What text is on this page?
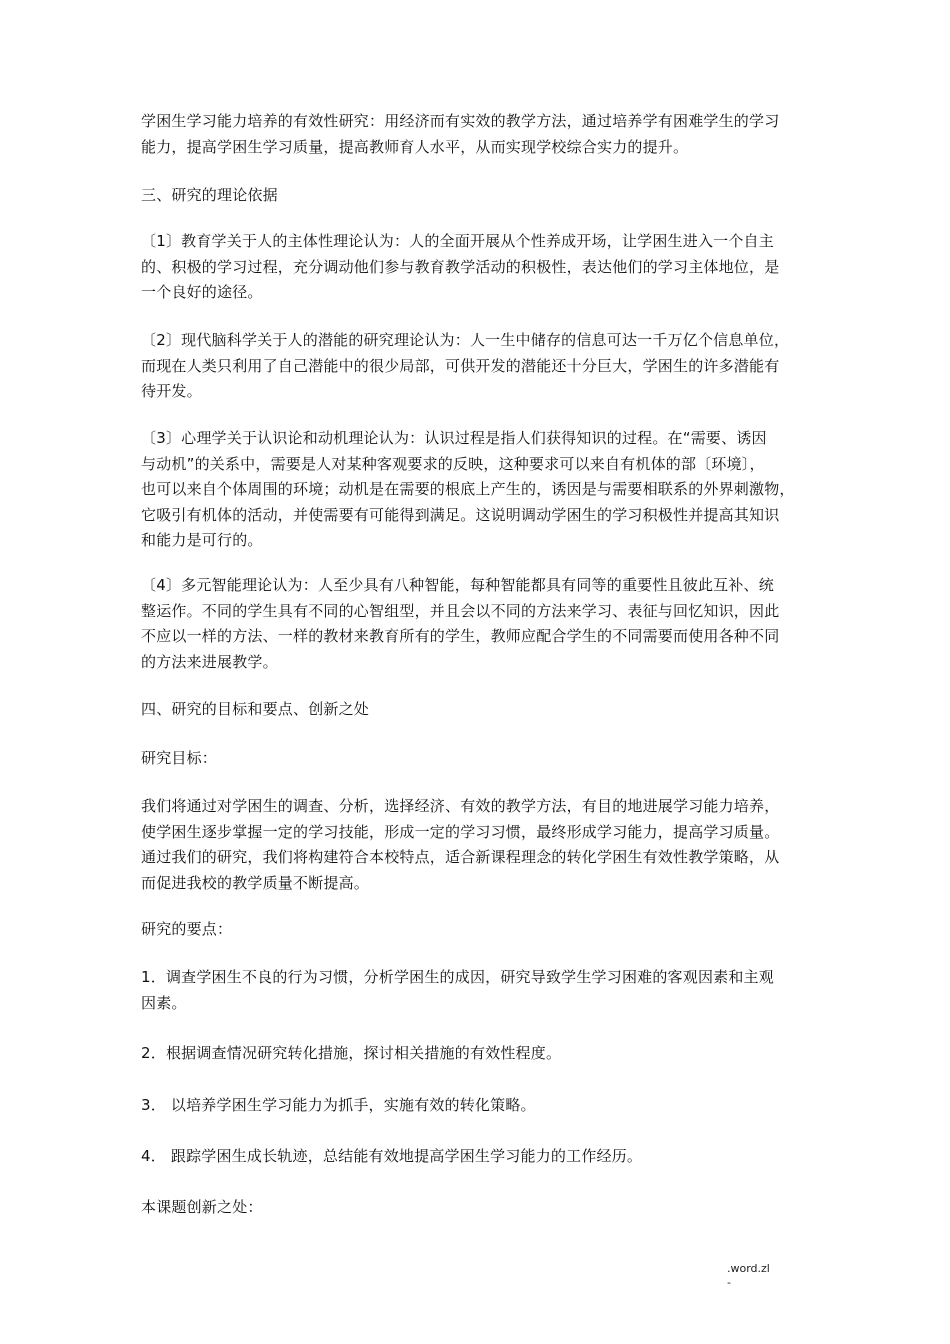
学困生学习能力培养的有效性研究：用经济而有实效的教学方法，通过培养学有困难学生的学习
能力，提高学困生学习质量，提高教师育人水平，从而实现学校综合实力的提升。

三、研究的理论依据

〔1〕教育学关于人的主体性理论认为：人的全面开展从个性养成开场，让学困生进入一个自主
的、积极的学习过程，充分调动他们参与教育教学活动的积极性，表达他们的学习主体地位，是
一个良好的途径。

〔2〕现代脑科学关于人的潜能的研究理论认为：人一生中储存的信息可达一千万亿个信息单位，
而现在人类只利用了自己潜能中的很少局部，可供开发的潜能还十分巨大，学困生的许多潜能有
待开发。

〔3〕心理学关于认识论和动机理论认为：认识过程是指人们获得知识的过程。在“需要、诱因
与动机”的关系中，需要是人对某种客观要求的反映，这种要求可以来自有机体的部〔环境〕，
也可以来自个体周围的环境；动机是在需要的根底上产生的，诱因是与需要相联系的外界刺激物，
它吸引有机体的活动，并使需要有可能得到满足。这说明调动学困生的学习积极性并提高其知识
和能力是可行的。

〔4〕多元智能理论认为：人至少具有八种智能，每种智能都具有同等的重要性且彼此互补、统
整运作。不同的学生具有不同的心智组型，并且会以不同的方法来学习、表征与回忆知识，因此
不应以一样的方法、一样的教材来教育所有的学生，教师应配合学生的不同需要而使用各种不同
的方法来进展教学。

四、研究的目标和要点、创新之处

研究目标：

我们将通过对学困生的调查、分析，选择经济、有效的教学方法，有目的地进展学习能力培养，
使学困生逐步掌握一定的学习技能，形成一定的学习习惯，最终形成学习能力，提高学习质量。
通过我们的研究，我们将构建符合本校特点，适合新课程理念的转化学困生有效性教学策略，从
而促进我校的教学质量不断提高。

研究的要点：

1．调查学困生不良的行为习惯，分析学困生的成因，研究导致学生学习困难的客观因素和主观
因素。

2．根据调查情况研究转化措施，探讨相关措施的有效性程度。

3． 以培养学困生学习能力为抓手，实施有效的转化策略。

4． 跟踪学困生成长轨迹，总结能有效地提高学困生学习能力的工作经历。

本课题创新之处：

.word.zl
-
